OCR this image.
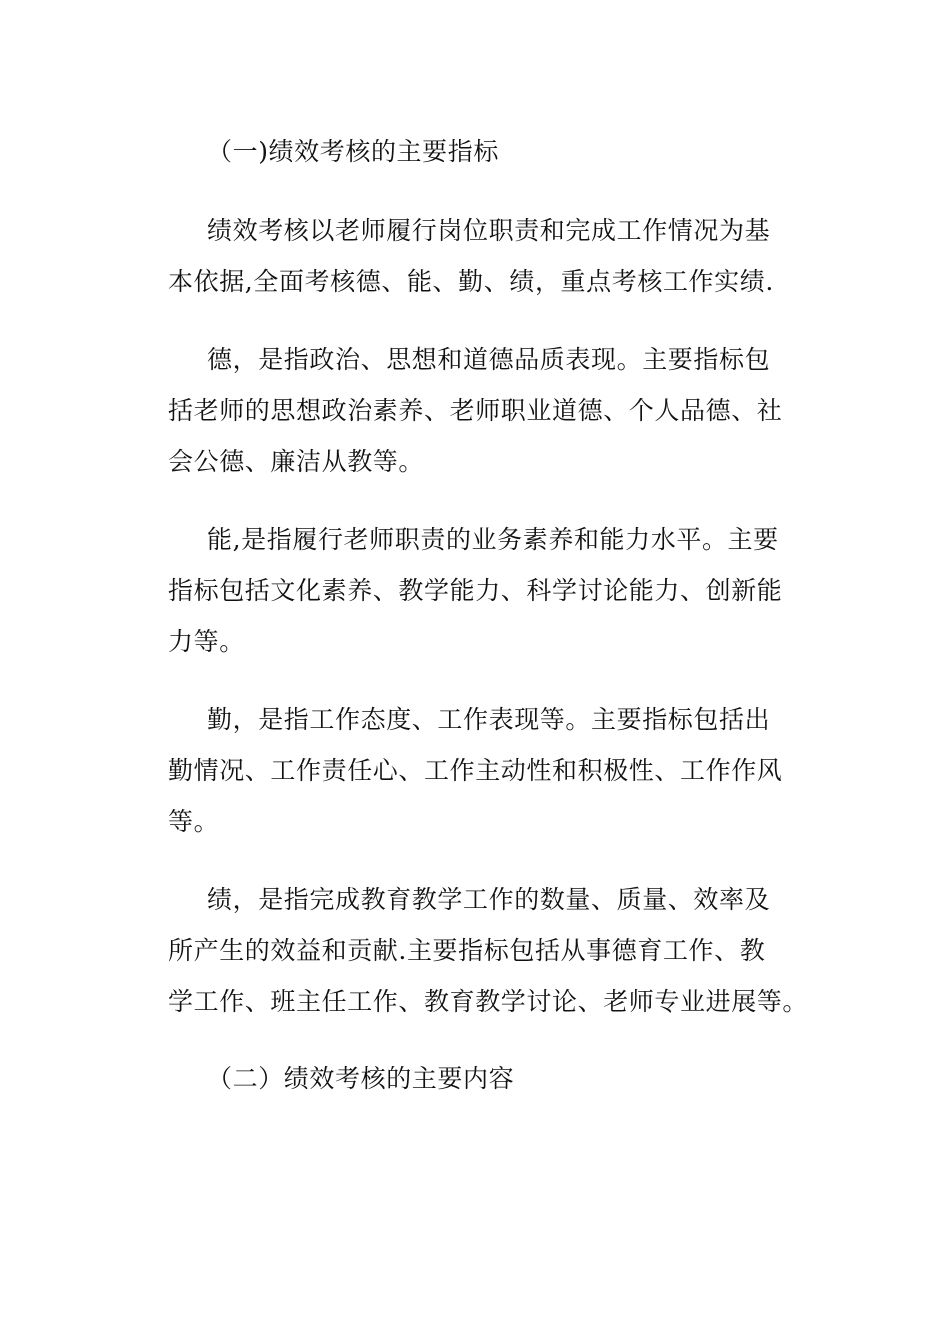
（一)绩效考核的主要指标
绩效考核以老师履行岗位职责和完成工作情况为基
本依据,全面考核德、能、勤、绩，重点考核工作实绩.
德，是指政治、思想和道德品质表现。主要指标包
括老师的思想政治素养、老师职业道德、个人品德、社
会公德、廉洁从教等。
能,是指履行老师职责的业务素养和能力水平。主要
指标包括文化素养、教学能力、科学讨论能力、创新能
力等。
勤，是指工作态度、工作表现等。主要指标包括出
勤情况、工作责任心、工作主动性和积极性、工作作风
等。
绩，是指完成教育教学工作的数量、质量、效率及
所产生的效益和贡献.主要指标包括从事德育工作、教
学工作、班主任工作、教育教学讨论、老师专业进展等。
（二）绩效考核的主要内容
